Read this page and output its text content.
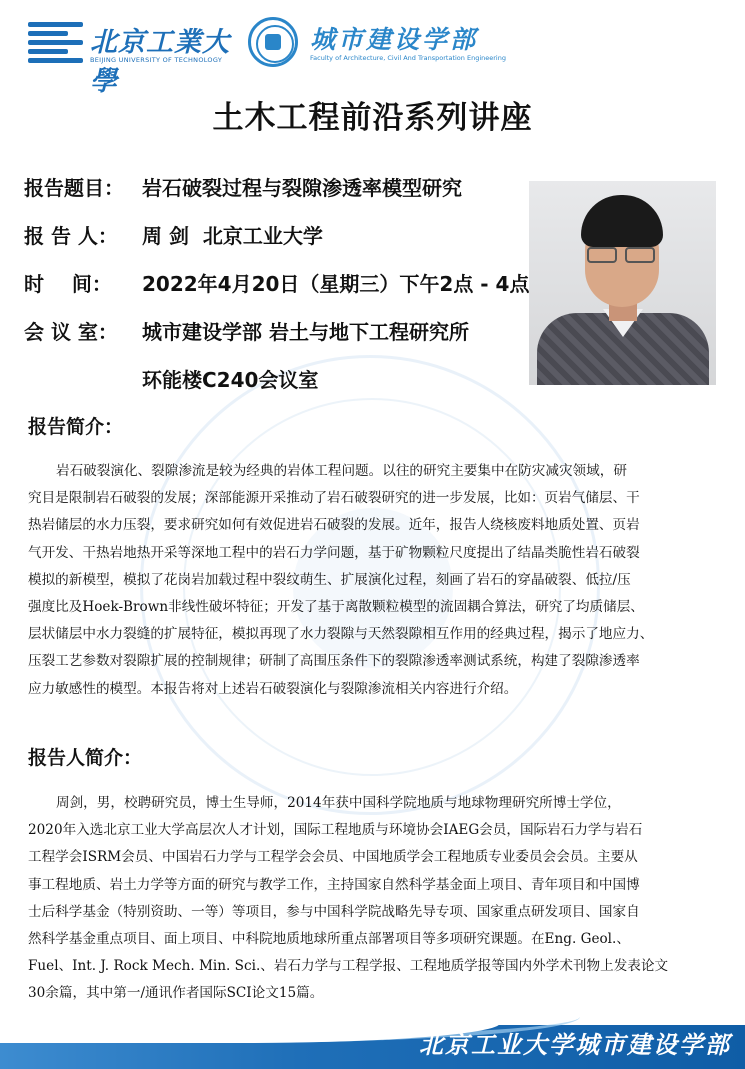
北京工業大學
BEIJING UNIVERSITY OF TECHNOLOGY
城市建设学部
Faculty of Architecture, Civil And Transportation Engineering
土木工程前沿系列讲座
报告题目： 岩石破裂过程与裂隙渗透率模型研究
报 告 人： 周 剑  北京工业大学
时    间： 2022年4月20日（星期三）下午2点 - 4点
会 议 室： 城市建设学部 岩土与地下工程研究所
环能楼C240会议室
报告简介：
岩石破裂演化、裂隙渗流是较为经典的岩体工程问题。以往的研究主要集中在防灾减灾领域，研
究目是限制岩石破裂的发展；深部能源开采推动了岩石破裂研究的进一步发展，比如：页岩气储层、干
热岩储层的水力压裂，要求研究如何有效促进岩石破裂的发展。近年，报告人绕核废料地质处置、页岩
气开发、干热岩地热开采等深地工程中的岩石力学问题，基于矿物颗粒尺度提出了结晶类脆性岩石破裂
模拟的新模型，模拟了花岗岩加载过程中裂纹萌生、扩展演化过程，刻画了岩石的穿晶破裂、低拉/压
强度比及Hoek-Brown非线性破坏特征；开发了基于离散颗粒模型的流固耦合算法，研究了均质储层、
层状储层中水力裂缝的扩展特征，模拟再现了水力裂隙与天然裂隙相互作用的经典过程，揭示了地应力、
压裂工艺参数对裂隙扩展的控制规律；研制了高围压条件下的裂隙渗透率测试系统，构建了裂隙渗透率
应力敏感性的模型。本报告将对上述岩石破裂演化与裂隙渗流相关内容进行介绍。
报告人简介：
周剑，男，校聘研究员，博士生导师，2014年获中国科学院地质与地球物理研究所博士学位，
2020年入选北京工业大学高层次人才计划，国际工程地质与环境协会IAEG会员，国际岩石力学与岩石
工程学会ISRM会员、中国岩石力学与工程学会会员、中国地质学会工程地质专业委员会会员。主要从
事工程地质、岩土力学等方面的研究与教学工作，主持国家自然科学基金面上项目、青年项目和中国博
士后科学基金（特别资助、一等）等项目，参与中国科学院战略先导专项、国家重点研发项目、国家自
然科学基金重点项目、面上项目、中科院地质地球所重点部署项目等多项研究课题。在Eng. Geol.、
Fuel、Int. J. Rock Mech. Min. Sci.、岩石力学与工程学报、工程地质学报等国内外学术刊物上发表论文
30余篇，其中第一/通讯作者国际SCI论文15篇。
北京工业大学城市建设学部
